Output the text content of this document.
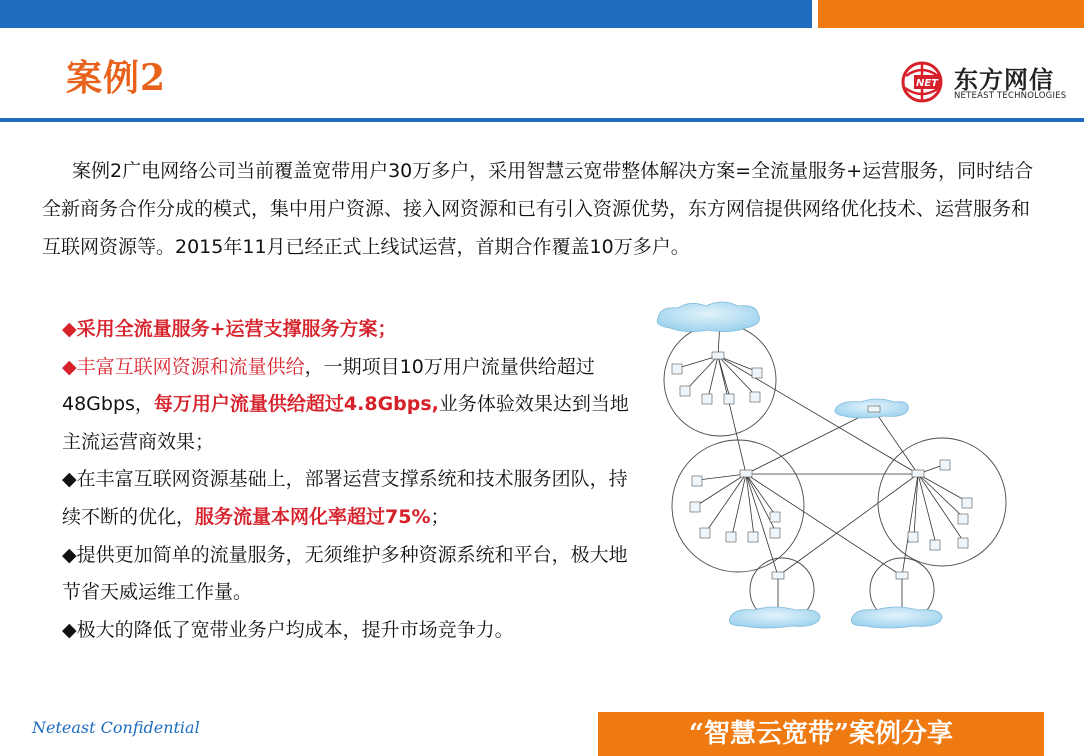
案例2	NET 东方网信
NETEAST TECHNOLOGIES
案例2广电网络公司当前覆盖宽带用户30万多户，采用智慧云宽带整体解决方案=全流量服务+运营服务，同时结合全新商务合作分成的模式，集中用户资源、接入网资源和已有引入资源优势，东方网信提供网络优化技术、运营服务和互联网资源等。2015年11月已经正式上线试运营，首期合作覆盖10万多户。

◆采用全流量服务+运营支撑服务方案；

◆丰富互联网资源和流量供给，一期项目10万用户流量供给超过48Gbps，每万用户流量供给超过4.8Gbps,业务体验效果达到当地主流运营商效果；

◆在丰富互联网资源基础上，部署运营支撑系统和技术服务团队，持续不断的优化，服务流量本网化率超过75%；

◆提供更加简单的流量服务，无须维护多种资源系统和平台，极大地节省天威运维工作量。

◆极大的降低了宽带业务户均成本，提升市场竞争力。

Neteast Confidential	“智慧云宽带”案例分享
